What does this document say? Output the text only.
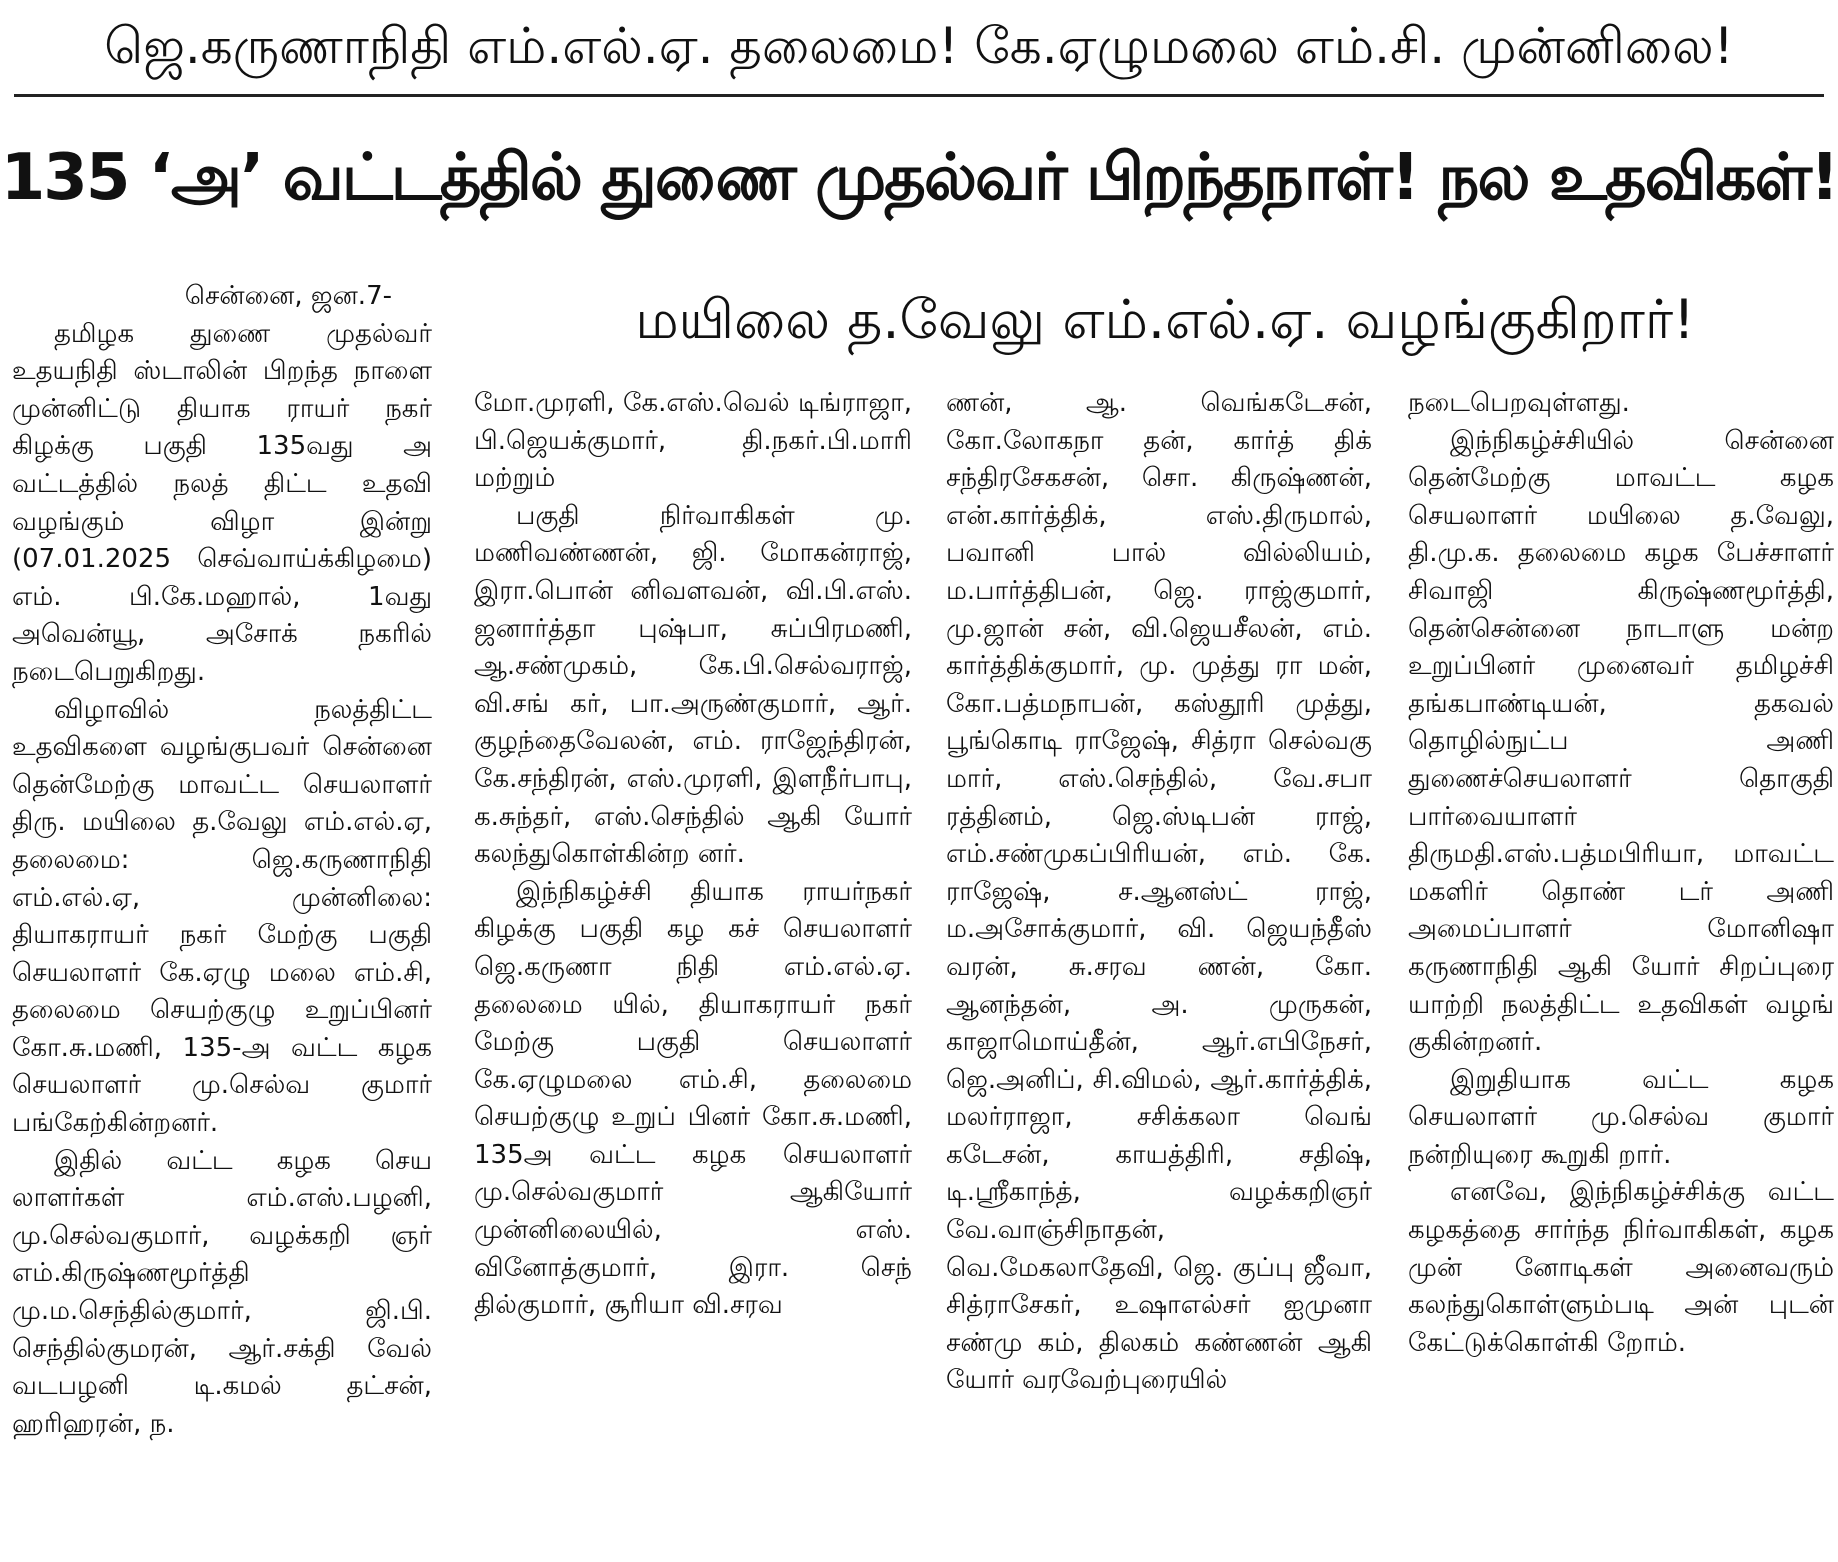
ஜெ.கருணாநிதி எம்.எல்.ஏ. தலைமை! கே.ஏழுமலை எம்.சி. முன்னிலை!
135 ‘அ’ வட்டத்தில் துணை முதல்வர் பிறந்தநாள்! நல உதவிகள்!
மயிலை த.வேலு எம்.எல்.ஏ. வழங்குகிறார்!

சென்னை, ஜன.7-

தமிழக துணை முதல்வர் உதயநிதி ஸ்டாலின் பிறந்த நாளை முன்னிட்டு தியாக ராயர் நகர் கிழக்கு பகுதி 135வது அ வட்டத்தில் நலத் திட்ட உதவி வழங்கும் விழா இன்று (07.01.2025 செவ்வாய்க்கிழமை) எம். பி.கே.மஹால், 1வது அவென்யூ, அசோக் நகரில் நடைபெறுகிறது.

விழாவில் நலத்திட்ட உதவிகளை வழங்குபவர் சென்னை தென்மேற்கு மாவட்ட செயலாளர் திரு. மயிலை த.வேலு எம்.எல்.ஏ, தலைமை: ஜெ.கருணாநிதி எம்.எல்.ஏ, முன்னிலை: தியாகராயர் நகர் மேற்கு பகுதி செயலாளர் கே.ஏழு மலை எம்.சி, தலைமை செயற்குழு உறுப்பினர் கோ.சு.மணி, 135-அ வட்ட கழக செயலாளர் மு.செல்வ குமார் பங்கேற்கின்றனர்.

இதில் வட்ட கழக செய லாளர்கள் எம்.எஸ்.பழனி, மு.செல்வகுமார், வழக்கறி ஞர் எம்.கிருஷ்ணமூர்த்தி மு.ம.செந்தில்குமார், ஜி.பி. செந்தில்குமரன், ஆர்.சக்தி வேல் வடபழனி டி.கமல் தட்சன், ஹரிஹரன், ந.

மோ.முரளி, கே.எஸ்.வெல் டிங்ராஜா, பி.ஜெயக்குமார், தி.நகர்.பி.மாரி மற்றும்

பகுதி நிர்வாகிகள் மு. மணிவண்ணன், ஜி. மோகன்ராஜ், இரா.பொன் னிவளவன், வி.பி.எஸ். ஜனார்த்தா புஷ்பா, சுப்பிரமணி, ஆ.சண்முகம், கே.பி.செல்வராஜ், வி.சங் கர், பா.அருண்குமார், ஆர். குழந்தைவேலன், எம். ராஜேந்திரன், கே.சந்திரன், எஸ்.முரளி, இளநீர்பாபு, க.சுந்தர், எஸ்.செந்தில் ஆகி யோர் கலந்துகொள்கின்ற னர்.

இந்நிகழ்ச்சி தியாக ராயர்நகர் கிழக்கு பகுதி கழ கச் செயலாளர் ஜெ.கருணா நிதி எம்.எல்.ஏ. தலைமை யில், தியாகராயர் நகர் மேற்கு பகுதி செயலாளர் கே.ஏழுமலை எம்.சி, தலைமை செயற்குழு உறுப் பினர் கோ.சு.மணி, 135அ வட்ட கழக செயலாளர் மு.செல்வகுமார் ஆகியோர் முன்னிலையில், எஸ். வினோத்குமார், இரா. செந் தில்குமார், சூரியா வி.சரவ

ணன், ஆ. வெங்கடேசன், கோ.லோகநா தன், கார்த் திக் சந்திரசேகசன், சொ. கிருஷ்ணன், என்.கார்த்திக், எஸ்.திருமால், பவானி பால் வில்லியம், ம.பார்த்திபன், ஜெ. ராஜ்குமார், மு.ஜான் சன், வி.ஜெயசீலன், எம். கார்த்திக்குமார், மு. முத்து ரா மன், கோ.பத்மநாபன், கஸ்தூரி முத்து, பூங்கொடி ராஜேஷ், சித்ரா செல்வகு மார், எஸ்.செந்தில், வே.சபா ரத்தினம், ஜெ.ஸ்டிபன் ராஜ், எம்.சண்முகப்பிரியன், எம். கே. ராஜேஷ், ச.ஆனஸ்ட் ராஜ், ம.அசோக்குமார், வி. ஜெயந்தீஸ் வரன், சு.சரவ ணன், கோ. ஆனந்தன், அ. முருகன், காஜாமொய்தீன், ஆர்.எபிநேசர், ஜெ.அனிப், சி.விமல், ஆர்.கார்த்திக், மலர்ராஜா, சசிக்கலா வெங் கடேசன், காயத்திரி, சதிஷ், டி.ஸ்ரீகாந்த், வழக்கறிஞர் வே.வாஞ்சிநாதன், வெ.மேகலாதேவி, ஜெ. குப்பு ஜீவா, சித்ராசேகர், உஷாஎல்சர் ஐமுனா சண்மு கம், திலகம் கண்ணன் ஆகி யோர் வரவேற்புரையில்

நடைபெறவுள்ளது.

இந்நிகழ்ச்சியில் சென்னை தென்மேற்கு மாவட்ட கழக செயலாளர் மயிலை த.வேலு, தி.மு.க. தலைமை கழக பேச்சாளர் சிவாஜி கிருஷ்ணமூர்த்தி, தென்சென்னை நாடாளு மன்ற உறுப்பினர் முனைவர் தமிழச்சி தங்கபாண்டியன், தகவல் தொழில்நுட்ப அணி துணைச்செயலாளர் தொகுதி பார்வையாளர் திருமதி.எஸ்.பத்மபிரியா, மாவட்ட மகளிர் தொண் டர் அணி அமைப்பாளர் மோனிஷா கருணாநிதி ஆகி யோர் சிறப்புரை யாற்றி நலத்திட்ட உதவிகள் வழங் குகின்றனர்.

இறுதியாக வட்ட கழக செயலாளர் மு.செல்வ குமார் நன்றியுரை கூறுகி றார்.

எனவே, இந்நிகழ்ச்சிக்கு வட்ட கழகத்தை சார்ந்த நிர்வாகிகள், கழக முன் னோடிகள் அனைவரும் கலந்துகொள்ளும்படி அன் புடன் கேட்டுக்கொள்கி றோம்.
